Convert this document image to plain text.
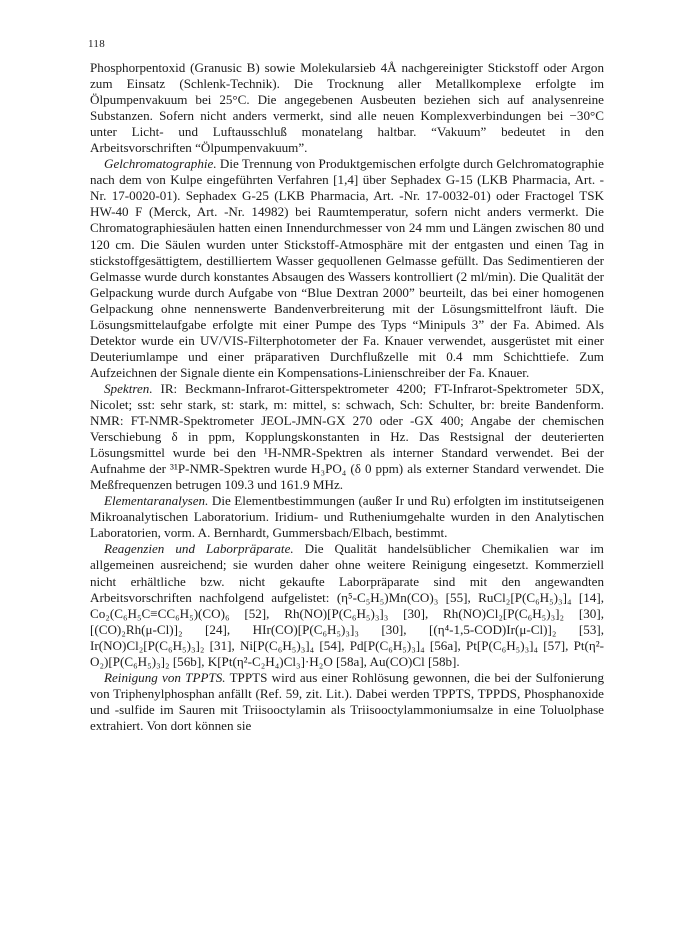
118

Phosphorpentoxid (Granusic B) sowie Molekularsieb 4Å nachgereinigter Stickstoff oder Argon zum Einsatz (Schlenk-Technik). Die Trocknung aller Metallkomplexe erfolgte im Ölpumpenvakuum bei 25°C. Die angegebenen Ausbeuten beziehen sich auf analysenreine Substanzen. Sofern nicht anders vermerkt, sind alle neuen Komplexverbindungen bei −30°C unter Licht- und Luftausschluß monatelang haltbar. “Vakuum” bedeutet in den Arbeitsvorschriften “Ölpumpenvakuum”.

Gelchromatographie. Die Trennung von Produktgemischen erfolgte durch Gelchromatographie nach dem von Kulpe eingeführten Verfahren [1,4] über Sephadex G-15 (LKB Pharmacia, Art. -Nr. 17-0020-01). Sephadex G-25 (LKB Pharmacia, Art. -Nr. 17-0032-01) oder Fractogel TSK HW-40 F (Merck, Art. -Nr. 14982) bei Raumtemperatur, sofern nicht anders vermerkt. Die Chromatographiesäulen hatten einen Innendurchmesser von 24 mm und Längen zwischen 80 und 120 cm. Die Säulen wurden unter Stickstoff-Atmosphäre mit der entgasten und einen Tag in stickstoffgesättigtem, destilliertem Wasser gequollenen Gelmasse gefüllt. Das Sedimentieren der Gelmasse wurde durch konstantes Absaugen des Wassers kontrolliert (2 ml/min). Die Qualität der Gelpackung wurde durch Aufgabe von “Blue Dextran 2000” beurteilt, das bei einer homogenen Gelpackung ohne nennenswerte Bandenverbreiterung mit der Lösungsmittelfront läuft. Die Lösungsmittelaufgabe erfolgte mit einer Pumpe des Typs “Minipuls 3” der Fa. Abimed. Als Detektor wurde ein UV/VIS-Filterphotometer der Fa. Knauer verwendet, ausgerüstet mit einer Deuteriumlampe und einer präparativen Durchflußzelle mit 0.4 mm Schichttiefe. Zum Aufzeichnen der Signale diente ein Kompensations-Linienschreiber der Fa. Knauer.

Spektren. IR: Beckmann-Infrarot-Gitterspektrometer 4200; FT-Infrarot-Spektrometer 5DX, Nicolet; sst: sehr stark, st: stark, m: mittel, s: schwach, Sch: Schulter, br: breite Bandenform. NMR: FT-NMR-Spektrometer JEOL-JMN-GX 270 oder -GX 400; Angabe der chemischen Verschiebung δ in ppm, Kopplungskonstanten in Hz. Das Restsignal der deuterierten Lösungsmittel wurde bei den ¹H-NMR-Spektren als interner Standard verwendet. Bei der Aufnahme der ³¹P-NMR-Spektren wurde H₃PO₄ (δ 0 ppm) als externer Standard verwendet. Die Meßfrequenzen betrugen 109.3 und 161.9 MHz.

Elementaranalysen. Die Elementbestimmungen (außer Ir und Ru) erfolgten im institutseigenen Mikroanalytischen Laboratorium. Iridium- und Rutheniumgehalte wurden in den Analytischen Laboratorien, vorm. A. Bernhardt, Gummersbach/Elbach, bestimmt.

Reagenzien und Laborpräparate. Die Qualität handelsüblicher Chemikalien war im allgemeinen ausreichend; sie wurden daher ohne weitere Reinigung eingesetzt. Kommerziell nicht erhältliche bzw. nicht gekaufte Laborpräparate sind mit den angewandten Arbeitsvorschriften nachfolgend aufgelistet: (η⁵-C₅H₅)Mn(CO)₃ [55], RuCl₂[P(C₆H₅)₃]₄ [14], Co₂(C₆H₅C≡CC₆H₅)(CO)₆ [52], Rh(NO)[P(C₆H₅)₃]₃ [30], Rh(NO)Cl₂[P(C₆H₅)₃]₂ [30], [(CO)₂Rh(μ-Cl)]₂ [24], HIr(CO)[P(C₆H₅)₃]₃ [30], [(η⁴-1,5-COD)Ir(μ-Cl)]₂ [53], Ir(NO)Cl₂[P(C₆H₅)₃]₂ [31], Ni[P(C₆H₅)₃]₄ [54], Pd[P(C₆H₅)₃]₄ [56a], Pt[P(C₆H₅)₃]₄ [57], Pt(η²-O₂)[P(C₆H₅)₃]₂ [56b], K[Pt(η²-C₂H₄)Cl₃]·H₂O [58a], Au(CO)Cl [58b].

Reinigung von TPPTS. TPPTS wird aus einer Rohlösung gewonnen, die bei der Sulfonierung von Triphenylphosphan anfällt (Ref. 59, zit. Lit.). Dabei werden TPPTS, TPPDS, Phosphanoxide und -sulfide im Sauren mit Triisooctylamin als Triisooctylammoniumsalze in eine Toluolphase extrahiert. Von dort können sie
